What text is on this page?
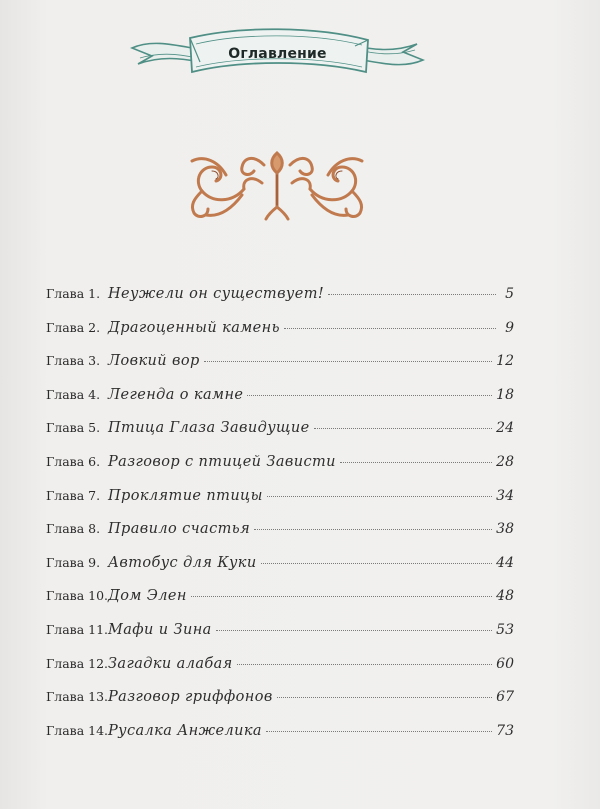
Оглавление
Глава 1. Неужели он существует!	5
Глава 2. Драгоценный камень	9
Глава 3. Ловкий вор	12
Глава 4. Легенда о камне	18
Глава 5. Птица Глаза Завидущие	24
Глава 6. Разговор с птицей Зависти	28
Глава 7. Проклятие птицы	34
Глава 8. Правило счастья	38
Глава 9. Автобус для Куки	44
Глава 10. Дом Элен	48
Глава 11. Мафи и Зина	53
Глава 12. Загадки алабая	60
Глава 13. Разговор гриффонов	67
Глава 14. Русалка Анжелика	73
